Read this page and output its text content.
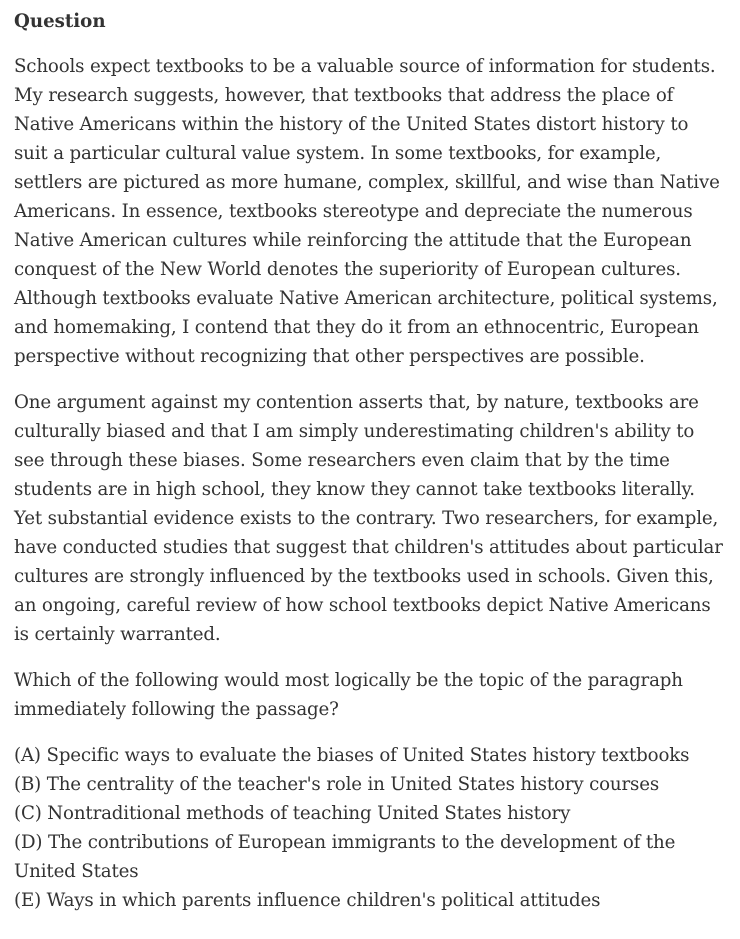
Question

Schools expect textbooks to be a valuable source of information for students. My research suggests, however, that textbooks that address the place of Native Americans within the history of the United States distort history to suit a particular cultural value system. In some textbooks, for example, settlers are pictured as more humane, complex, skillful, and wise than Native Americans. In essence, textbooks stereotype and depreciate the numerous Native American cultures while reinforcing the attitude that the European conquest of the New World denotes the superiority of European cultures. Although textbooks evaluate Native American architecture, political systems, and homemaking, I contend that they do it from an ethnocentric, European perspective without recognizing that other perspectives are possible.

One argument against my contention asserts that, by nature, textbooks are culturally biased and that I am simply underestimating children's ability to see through these biases. Some researchers even claim that by the time students are in high school, they know they cannot take textbooks literally. Yet substantial evidence exists to the contrary. Two researchers, for example, have conducted studies that suggest that children's attitudes about particular cultures are strongly influenced by the textbooks used in schools. Given this, an ongoing, careful review of how school textbooks depict Native Americans is certainly warranted.

Which of the following would most logically be the topic of the paragraph immediately following the passage?

(A) Specific ways to evaluate the biases of United States history textbooks
(B) The centrality of the teacher's role in United States history courses
(C) Nontraditional methods of teaching United States history
(D) The contributions of European immigrants to the development of the United States
(E) Ways in which parents influence children's political attitudes
